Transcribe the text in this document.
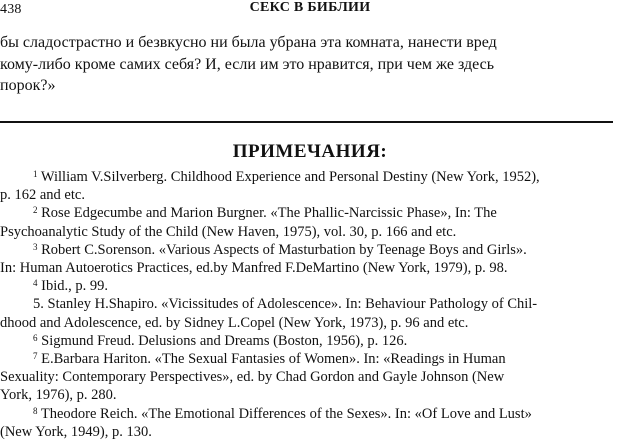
438	СЕКС В БИБЛИИ

бы сладострастно и безвкусно ни была убрана эта комната, нанести вред
кому-либо кроме самих себя? И, если им это нравится, при чем же здесь
порок?»

ПРИМЕЧАНИЯ:
$^1$ William V.Silverberg. Childhood Experience and Personal Destiny (New York, 1952),
p. 162 and etc.
$^2$ Rose Edgecumbe and Marion Burgner. «The Phallic-Narcissic Phase», In: The
Psychoanalytic Study of the Child (New Haven, 1975), vol. 30, p. 166 and etc.
$^3$ Robert C.Sorenson. «Various Aspects of Masturbation by Teenage Boys and Girls».
In: Human Autoerotics Practices, ed.by Manfred F.DeMartino (New York, 1979), p. 98.
$^4$ Ibid., p. 99.
5. Stanley H.Shapiro. «Vicissitudes of Adolescence». In: Behaviour Pathology of Chil-
dhood and Adolescence, ed. by Sidney L.Copel (New York, 1973), p. 96 and etc.
$^6$ Sigmund Freud. Delusions and Dreams (Boston, 1956), p. 126.
$^7$ E.Barbara Hariton. «The Sexual Fantasies of Women». In: «Readings in Human
Sexuality: Contemporary Perspectives», ed. by Chad Gordon and Gayle Johnson (New
York, 1976), p. 280.
$^8$ Theodore Reich. «The Emotional Differences of the Sexes». In: «Of Love and Lust»
(New York, 1949), p. 130.
